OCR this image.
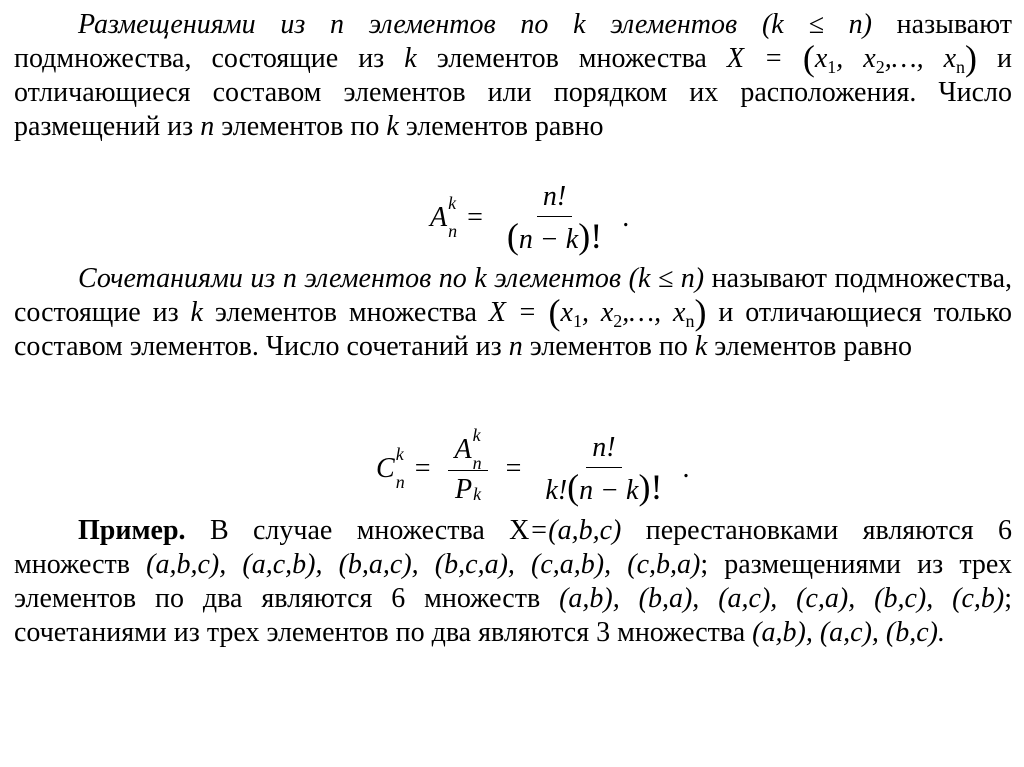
Размещениями из n элементов по k элементов (k ≤ n) называют подмножества, состоящие из k элементов множества $X = (x_1$, $x_2,\dots$, $x_n$) и отличающиеся составом элементов или порядком их расположения. Число размещений из n элементов по k элементов равно

A k
$n = \frac{n!}{(n - k)!}$ .

Сочетаниями из n элементов по k элементов (k ≤ n) называют подмножества, состоящие из k элементов множества $X = (x_1$, $x_2,\dots$, $x_n$) и отличающиеся только составом элементов. Число сочетаний из n элементов по k элементов равно

C k
n = A k
n
P $k = \frac{n!}{k!(n - k)!}$ .

Пример. В случае множества X=(a,b,c) перестановками являются 6 множеств (a,b,c), (a,c,b), (b,a,c), (b,c,a), (c,a,b), (c,b,a); размещениями из трех элементов по два являются 6 множеств (a,b), (b,a), (a,c), (c,a), (b,c), (c,b); сочетаниями из трех элементов по два являются 3 множества (a,b), (a,c), (b,c).
